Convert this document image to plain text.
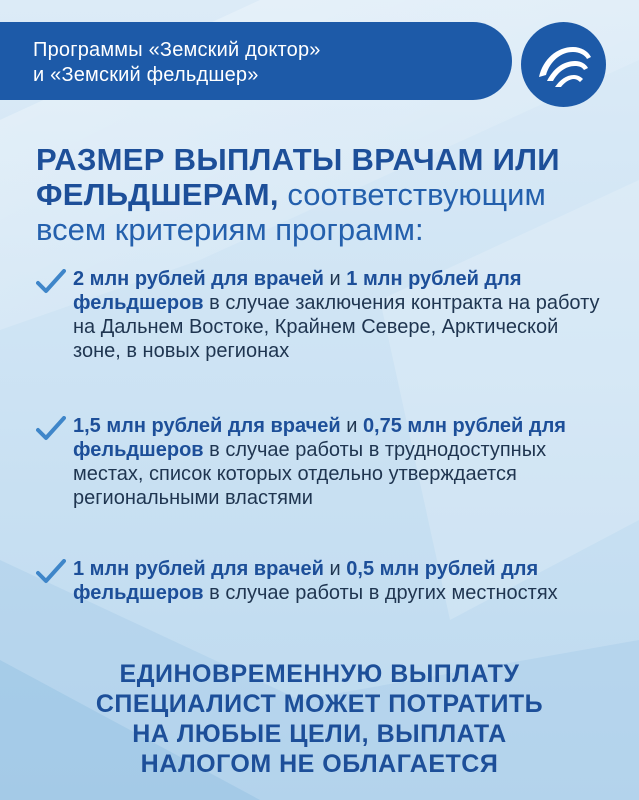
Программы «Земский доктор»
и «Земский фельдшер»
РАЗМЕР ВЫПЛАТЫ ВРАЧАМ ИЛИ
ФЕЛЬДШЕРАМ, соответствующим
всем критериям программ:
2 млн рублей для врачей и 1 млн рублей для фельдшеров в случае заключения контракта на работу на Дальнем Востоке, Крайнем Севере, Арктической зоне, в новых регионах
1,5 млн рублей для врачей и 0,75 млн рублей для фельдшеров в случае работы в труднодоступных местах, список которых отдельно утверждается региональными властями
1 млн рублей для врачей и 0,5 млн рублей для фельдшеров в случае работы в других местностях
ЕДИНОВРЕМЕННУЮ ВЫПЛАТУ
СПЕЦИАЛИСТ МОЖЕТ ПОТРАТИТЬ
НА ЛЮБЫЕ ЦЕЛИ, ВЫПЛАТА
НАЛОГОМ НЕ ОБЛАГАЕТСЯ
